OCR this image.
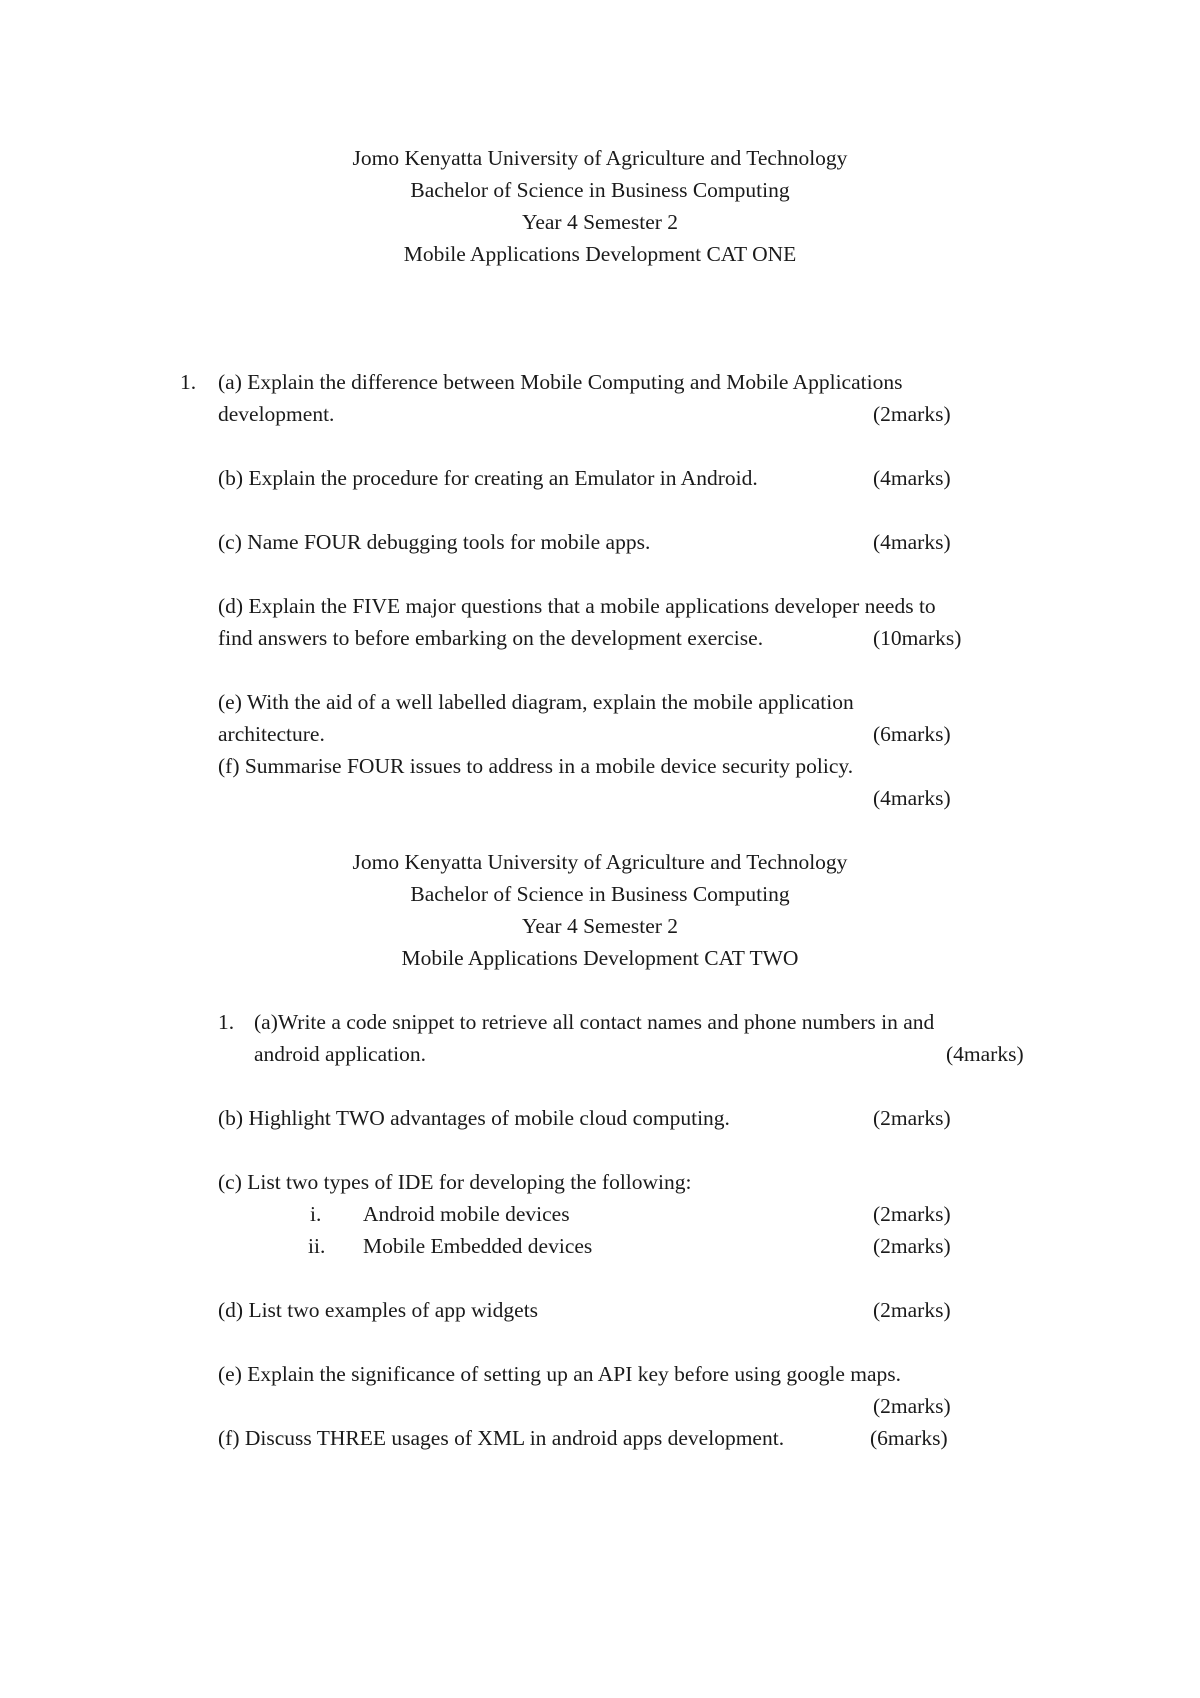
Jomo Kenyatta University of Agriculture and Technology
Bachelor of Science in Business Computing
Year 4 Semester 2
Mobile Applications Development CAT ONE
1. (a) Explain the difference between Mobile Computing and Mobile Applications
development.	(2marks)
(b) Explain the procedure for creating an Emulator in Android.	(4marks)
(c) Name FOUR debugging tools for mobile apps.	(4marks)
(d) Explain the FIVE major questions that a mobile applications developer needs to
find answers to before embarking on the development exercise.	(10marks)
(e) With the aid of a well labelled diagram, explain the mobile application
architecture.	(6marks)
(f) Summarise FOUR issues to address in a mobile device security policy.
(4marks)
Jomo Kenyatta University of Agriculture and Technology
Bachelor of Science in Business Computing
Year 4 Semester 2
Mobile Applications Development CAT TWO
1. (a)Write a code snippet to retrieve all contact names and phone numbers in and
android application.	(4marks)
(b) Highlight TWO advantages of mobile cloud computing.	(2marks)
(c) List two types of IDE for developing the following:
i. Android mobile devices	(2marks)
ii. Mobile Embedded devices	(2marks)
(d) List two examples of app widgets	(2marks)
(e) Explain the significance of setting up an API key before using google maps.
(2marks)
(f) Discuss THREE usages of XML in android apps development.	(6marks)
